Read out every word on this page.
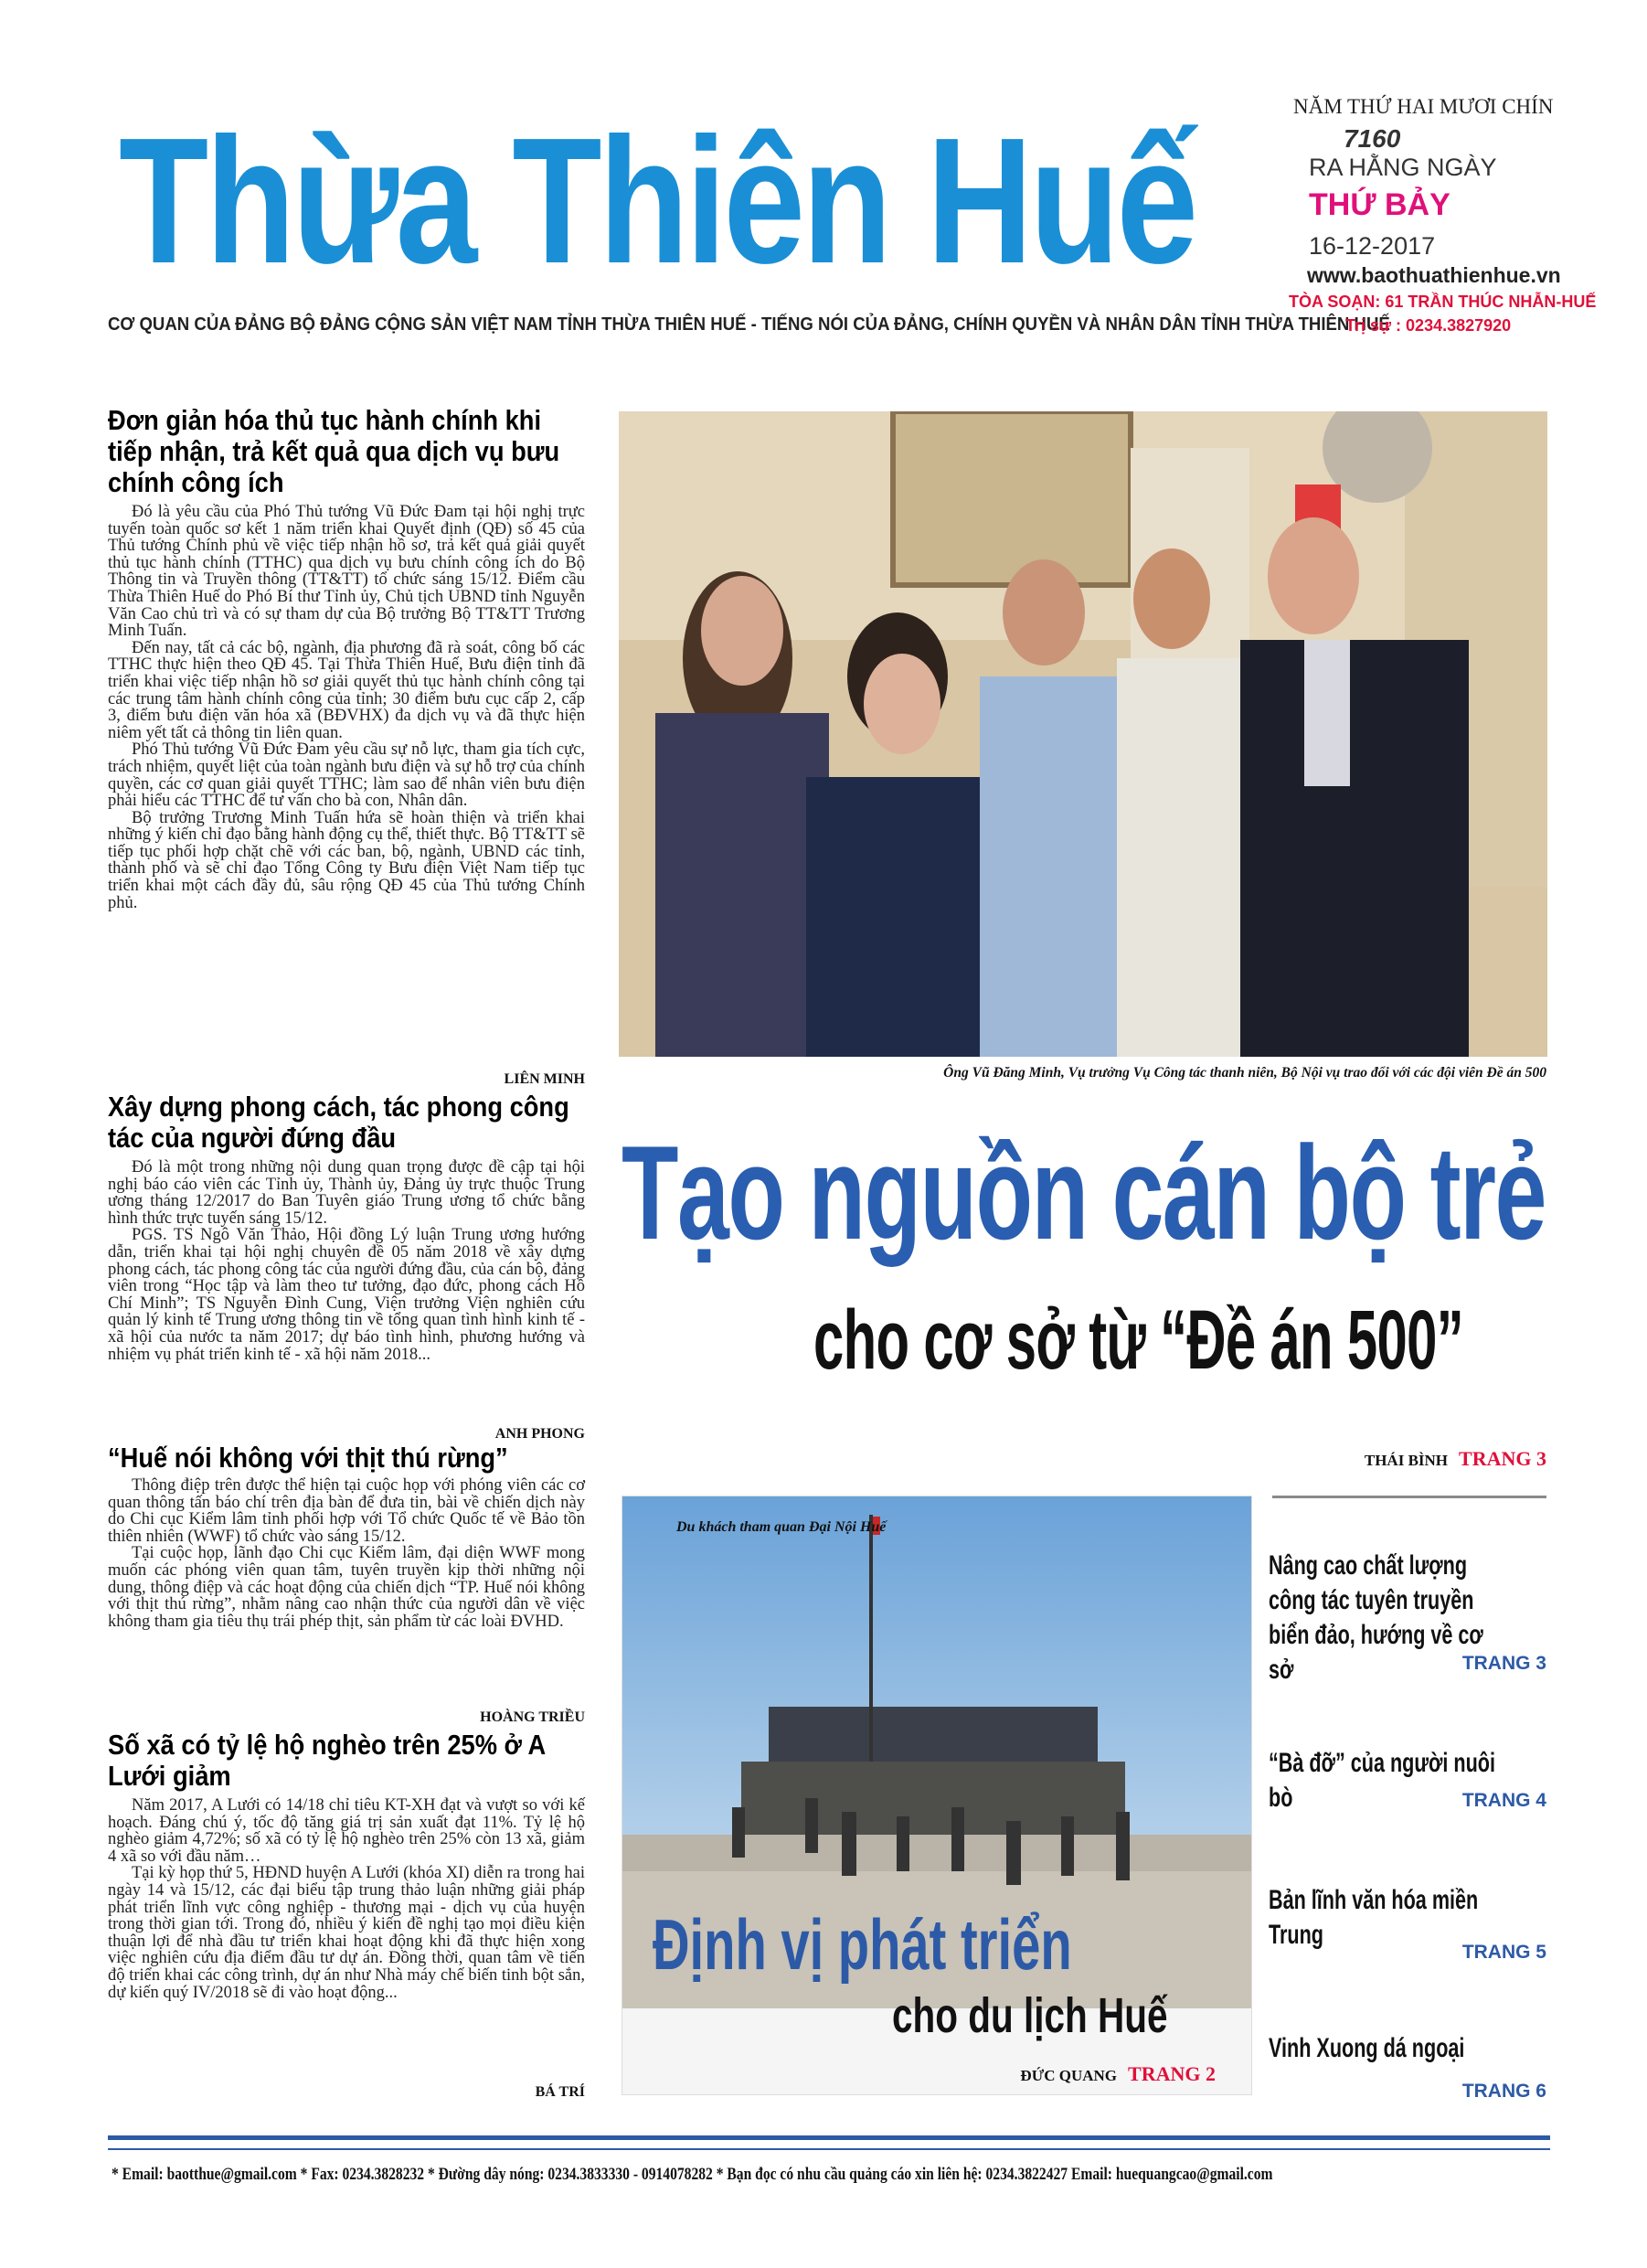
Thừa Thiên Huế
CƠ QUAN CỦA ĐẢNG BỘ ĐẢNG CỘNG SẢN VIỆT NAM TỈNH THỪA THIÊN HUẾ - TIẾNG NÓI CỦA ĐẢNG, CHÍNH QUYỀN VÀ NHÂN DÂN TỈNH THỪA THIÊN HUẾ
NĂM THỨ HAI MƯƠI CHÍN
7160
RA HẰNG NGÀY
THỨ BẢY
16-12-2017
www.baothuathienhue.vn
TÒA SOẠN: 61 TRẦN THÚC NHẪN-HUẾ
Trị sự : 0234.3827920
Đơn giản hóa thủ tục hành chính khi tiếp nhận, trả kết quả qua dịch vụ bưu chính công ích

Đó là yêu cầu của Phó Thủ tướng Vũ Đức Đam tại hội nghị trực tuyến toàn quốc sơ kết 1 năm triển khai Quyết định (QĐ) số 45 của Thủ tướng Chính phủ về việc tiếp nhận hồ sơ, trả kết quả giải quyết thủ tục hành chính (TTHC) qua dịch vụ bưu chính công ích do Bộ Thông tin và Truyền thông (TT&TT) tổ chức sáng 15/12. Điểm cầu Thừa Thiên Huế do Phó Bí thư Tỉnh ủy, Chủ tịch UBND tỉnh Nguyễn Văn Cao chủ trì và có sự tham dự của Bộ trưởng Bộ TT&TT Trương Minh Tuấn.

Đến nay, tất cả các bộ, ngành, địa phương đã rà soát, công bố các TTHC thực hiện theo QĐ 45. Tại Thừa Thiên Huế, Bưu điện tỉnh đã triển khai việc tiếp nhận hồ sơ giải quyết thủ tục hành chính công tại các trung tâm hành chính công của tỉnh; 30 điểm bưu cục cấp 2, cấp 3, điểm bưu điện văn hóa xã (BĐVHX) đa dịch vụ và đã thực hiện niêm yết tất cả thông tin liên quan.

Phó Thủ tướng Vũ Đức Đam yêu cầu sự nỗ lực, tham gia tích cực, trách nhiệm, quyết liệt của toàn ngành bưu điện và sự hỗ trợ của chính quyền, các cơ quan giải quyết TTHC; làm sao để nhân viên bưu điện phải hiểu các TTHC để tư vấn cho bà con, Nhân dân.

Bộ trưởng Trương Minh Tuấn hứa sẽ hoàn thiện và triển khai những ý kiến chỉ đạo bằng hành động cụ thể, thiết thực. Bộ TT&TT sẽ tiếp tục phối hợp chặt chẽ với các ban, bộ, ngành, UBND các tỉnh, thành phố và sẽ chỉ đạo Tổng Công ty Bưu điện Việt Nam tiếp tục triển khai một cách đầy đủ, sâu rộng QĐ 45 của Thủ tướng Chính phủ.

LIÊN MINH
Xây dựng phong cách, tác phong công tác của người đứng đầu

Đó là một trong những nội dung quan trọng được đề cập tại hội nghị báo cáo viên các Tỉnh ủy, Thành ủy, Đảng ủy trực thuộc Trung ương tháng 12/2017 do Ban Tuyên giáo Trung ương tổ chức bằng hình thức trực tuyến sáng 15/12.

PGS. TS Ngô Văn Thảo, Hội đồng Lý luận Trung ương hướng dẫn, triển khai tại hội nghị chuyên đề 05 năm 2018 về xây dựng phong cách, tác phong công tác của người đứng đầu, của cán bộ, đảng viên trong “Học tập và làm theo tư tưởng, đạo đức, phong cách Hồ Chí Minh”; TS Nguyễn Đình Cung, Viện trưởng Viện nghiên cứu quản lý kinh tế Trung ương thông tin về tổng quan tình hình kinh tế - xã hội của nước ta năm 2017; dự báo tình hình, phương hướng và nhiệm vụ phát triển kinh tế - xã hội năm 2018...

ANH PHONG
“Huế nói không với thịt thú rừng”

Thông điệp trên được thể hiện tại cuộc họp với phóng viên các cơ quan thông tấn báo chí trên địa bàn để đưa tin, bài về chiến dịch này do Chi cục Kiểm lâm tỉnh phối hợp với Tổ chức Quốc tế về Bảo tồn thiên nhiên (WWF) tổ chức vào sáng 15/12.

Tại cuộc họp, lãnh đạo Chi cục Kiểm lâm, đại diện WWF mong muốn các phóng viên quan tâm, tuyên truyền kịp thời những nội dung, thông điệp và các hoạt động của chiến dịch “TP. Huế nói không với thịt thú rừng”, nhằm nâng cao nhận thức của người dân về việc không tham gia tiêu thụ trái phép thịt, sản phẩm từ các loài ĐVHD.

HOÀNG TRIỀU
Số xã có tỷ lệ hộ nghèo trên 25% ở A Lưới giảm

Năm 2017, A Lưới có 14/18 chỉ tiêu KT-XH đạt và vượt so với kế hoạch. Đáng chú ý, tốc độ tăng giá trị sản xuất đạt 11%. Tỷ lệ hộ nghèo giảm 4,72%; số xã có tỷ lệ hộ nghèo trên 25% còn 13 xã, giảm 4 xã so với đầu năm…

Tại kỳ họp thứ 5, HĐND huyện A Lưới (khóa XI) diễn ra trong hai ngày 14 và 15/12, các đại biểu tập trung thảo luận những giải pháp phát triển lĩnh vực công nghiệp - thương mại - dịch vụ của huyện trong thời gian tới. Trong đó, nhiều ý kiến đề nghị tạo mọi điều kiện thuận lợi để nhà đầu tư triển khai hoạt động khi đã thực hiện xong việc nghiên cứu địa điểm đầu tư dự án. Đồng thời, quan tâm về tiến độ triển khai các công trình, dự án như Nhà máy chế biến tinh bột sắn, dự kiến quý IV/2018 sẽ đi vào hoạt động...

BÁ TRÍ
Ông Vũ Đăng Minh, Vụ trưởng Vụ Công tác thanh niên, Bộ Nội vụ trao đổi với các đội viên Đề án 500
Tạo nguồn cán bộ trẻ
cho cơ sở từ “Đề án 500”
THÁI BÌNH TRANG 3
Du khách tham quan Đại Nội Huế
Định vị phát triển
cho du lịch Huế
ĐỨC QUANG TRANG 2
Nâng cao chất lượng công tác tuyên truyền biển đảo, hướng về cơ sở	TRANG 3
“Bà đỡ” của người nuôi bò	TRANG 4
Bản lĩnh văn hóa miền Trung
TRANG 5
Vinh Xuong dá ngoại
TRANG 6
* Email: baotthue@gmail.com * Fax: 0234.3828232 * Đường dây nóng: 0234.3833330 - 0914078282 * Bạn đọc có nhu cầu quảng cáo xin liên hệ: 0234.3822427 Email: huequangcao@gmail.com
